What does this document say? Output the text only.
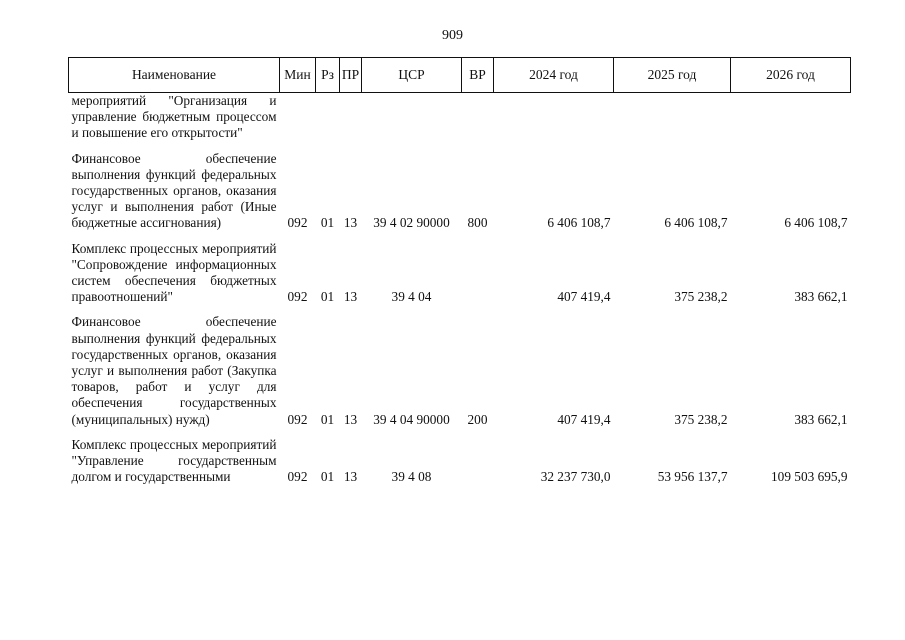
909
Наименование	Мин	Рз	ПР	ЦСР	ВР	2024 год	2025 год	2026 год
мероприятий "Организация и управление бюджетным процессом и повышение его открытости"								

Финансовое обеспечение выполнения функций федеральных государственных органов, оказания услуг и выполнения работ (Иные бюджетные ассигнования)	092	01	13	39 4 02 90000	800	6 406 108,7	6 406 108,7	6 406 108,7

Комплекс процессных мероприятий "Сопровождение информационных систем обеспечения бюджетных правоотношений"	092	01	13	39 4 04		407 419,4	375 238,2	383 662,1

Финансовое обеспечение выполнения функций федеральных государственных органов, оказания услуг и выполнения работ (Закупка товаров, работ и услуг для обеспечения государственных (муниципальных) нужд)	092	01	13	39 4 04 90000	200	407 419,4	375 238,2	383 662,1

Комплекс процессных мероприятий "Управление государственным долгом и государственными	092	01	13	39 4 08		32 237 730,0	53 956 137,7	109 503 695,9
